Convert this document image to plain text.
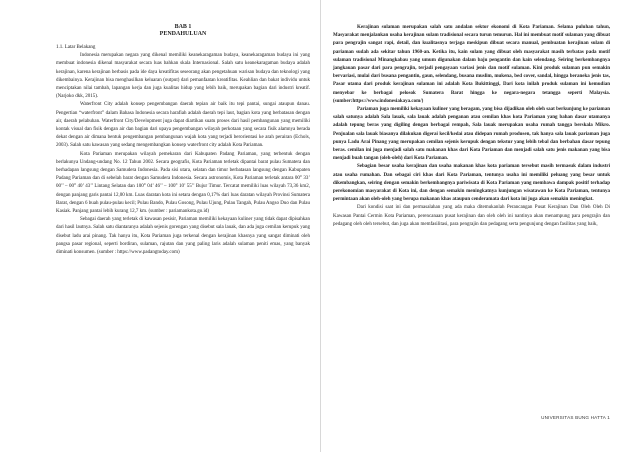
BAB 1
PENDAHULUAN
1.1. Latar Belakang

Indonesia merupakan negara yang dikenal memiliki keanekaragaman budaya, keanekaragaman budaya ini yang membuat indonesia dikenal masyarakat secara luas bahkan skala Internasional. Salah satu keanekaragaman budaya adalah kerajinan, karena kerajinan berbasis pada ide daya kreatifitas seseorang akan pengetahuan warisan budaya dan teknologi yang dikembainya. Kerajinan bisa menghasilkan keluaran (output) dari pemanfaatan kreatifitas. Keahlian dan bakat individu untuk menciptakan nilai tambah, lapangan kerja dan juga kualitas hidup yang lebih baik, merupakan bagian dari industri kreatif. (Narjoko dkk, 2015).

Waterfront City adalah konsep pengembangan daerah tepian air baik itu tepi pantai, sungai ataupun danau. Pengertian “waterfront” dalam Bahasa Indonesia secara harafiah adalah daerah tepi laut, bagian kota yang berbatasan dengan air, daerah pelabuhan. Waterfront City/Development juga dapat diartikan suatu proses dari hasil pembangunan yang memiliki kontak visual dan fisik dengan air dan bagian dari upaya pengembangan wilayah perkotaan yang secara fisik alamnya berada dekat dengan air dimana bentuk pengembangan pembangunan wajah kota yang terjadi berorientasi ke arah perairan (Echols, 2003). Salah satu kawasan yang sedang mengembangkan konsep waterfront city adalah Kota Pariaman.

Kota Pariaman merupakan wilayah pemekaran dari Kabupaten Padang Pariaman, yang terbentuk dengan berlakunya Undang-undang No. 12 Tahun 2002. Secara geografis, Kota Pariaman terletak dipantai barat pulau Sumatera dan berhadapan langsung dengan Samudera Indonesia. Pada sisi utara, selatan dan timur berbatasan langsung dengan Kabupaten Padang Pariaman dan di sebelah barat dengan Samudera Indonesia. Secara astronomis, Kota Pariaman terletak antara 00° 33’ 00’’ – 00° 40’ 43’’ Lintang Selatan dan 100° 04’ 46’’ – 100° 10’ 55’’ Bujur Timur. Tercatat memiliki luas wilayah 73,36 km2, dengan panjang garis pantai 12,00 km. Luas daratan kota ini setara dengan 0,17% dari luas daratan wilayah Provinsi Sumatera Barat, dengan 6 buah pulau-pulau kecil; Pulau Bando, Pulau Gosong, Pulau Ujung, Pulau Tangah, Pulau Angso Duo dan Pulau Kasiak. Panjang pantai lebih kurang 12,7 km. (sumber : pariamankota.go.id)

Sebagai daerah yang terletak di kawasan pesisir, Pariaman memiliki kekayaan kuliner yang tidak dapat dipisahkan dari hasil lautnya. Salah satu diantaranya adalah sejenis gorengan yang disebut sala lauak, dan ada juga cemilan kerupuk yang disebut ladu arai pinang. Tak hanya itu, Kota Pariaman juga terkenal dengan kerajinan khasnya yang sangat diminati oleh pangsa pasar regional, seperti bordiran, sulaman, rajutan dan yang paling laris adalah sulaman peniti emas, yang banyak diminati konsumen. (sumber : https://www.padangtoday.com)

Kerajinan sulaman merupakan salah satu andalan sektor ekonomi di Kota Pariaman. Selama puluhan tahun, Masyarakat menjalankan usaha kerajinan sulam tradisional secara turun temurun. Hal ini membuat motif sulaman yang dibuat para pengrajin sangat rapi, detail, dan kualitasnya terjaga meskipun dibuat secara manual, pembuatan kerajinan sulam di pariaman sudah ada sekitar tahun 1960-an. Ketika itu, kain sulam yang dibuat oleh masyarakat masih terbatas pada motif sulaman tradisional Minangkabau yang umum digunakan dalam baju pengantin dan kain selendang. Seiring berkembangnya jangkauan pasar dari para pengrajin, terjadi pengayaan variasi jenis dan motif sulaman. Kini produk sulaman pun semakin bervariasi, mulai dari busana pengantin, gaun, selendang, busana muslim, mukena, bed cover, sandal, hingga beraneka jenis tas, Pasar utama dari produk kerajinan sulaman ini adalah Kota Bukittinggi, Dari kota inilah produk sulaman ini kemudian menyebar ke berbagai pelosok Sumatera Barat hingga ke negara-negara tetangga seperti Malaysia. (sumber:https://www.indonesiakaya.com/)

Pariaman juga memiliki kekayaan kuliner yang beragam, yang bisa dijadikan oleh oleh saat berkunjung ke pariaman salah satunya adalah Sala lauak, sala lauak adalah penganan atau cemilan khas kota Pariaman yang bahan dasar utamanya adalah tepung beras yang digiling dengan berbagai rempah, Sala lauak merupakan usaha rumah tangga berskala Mikro. Penjualan sala lauak biasanya dilakukan digerai kecil/kedai atau didepan rumah produsen, tak hanya sala lauak pariaman juga punya Ladu Arai Pinang yang merupakan cemilan sejenis kerupuk dengan tekstur yang lebih tebal dan berbahan dasar tepung beras. cemilan ini juga menjadi salah satu makanan khas dari Kota Pariaman dan menjadi salah satu jenis makanan yang bisa menjadi buah tangan (oleh-oleh) dari Kota Pariaman.

Sebagian besar usaha kerajinan dan usaha makanan khas kota pariaman tersebut masih termasuk dalam industri atau usaha rumahan. Dan sebagai ciri khas dari Kota Pariaman, tentunya usaha ini memiliki peluang yang besar untuk dikembangkan, seiring dengan semakin berkembangnya pariwisata di Kota Pariaman yang membawa dampak positif terhadap perekonomian masyarakat di Kota ini, dan dengan semakin meningkatnya kunjungan wisatawan ke Kota Pariaman, tentunya permintaan akan oleh-oleh yang berupa makanan khas ataupun cenderamata dari kota ini juga akan semakin meningkat.

Dari kondisi saat ini dan permasalahan yang ada maka ditemukanlah Perancangan Pusat Kerajinan Dan Oleh Oleh Di Kawasan Pantai Cermin Kota Pariaman, perencanaan pusat kerajinan dan oleh oleh ini nantinya akan menampung para pengrajin dan pedagang oleh oleh tersebut, dan juga akan memfasilitasi, para pengrajin dan pedagang serta pengunjung dengan fasilitas yang baik,

UNIVERSITAS BUNG HATTA 1
